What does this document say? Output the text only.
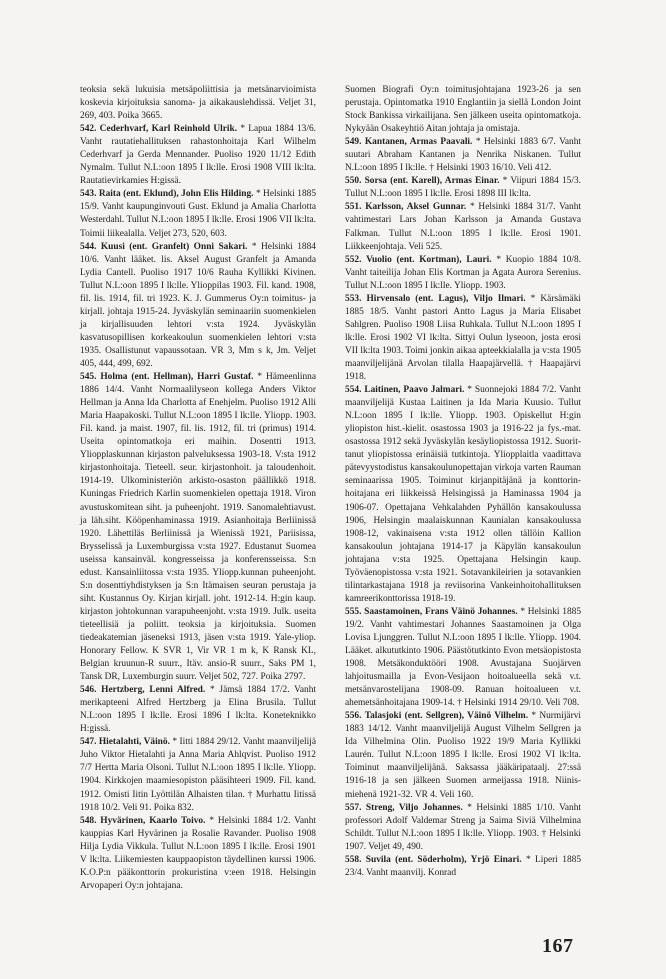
teoksia sekä lukuisia metsäpoliittisia ja metsänarvioimista koskevia kirjoituksia sanoma- ja aikakauslehdissä. Veljet 31, 269, 403. Poika 3665.

542. Cederhvarf, Karl Reinhold Ulrik. * Lapua 1884 13/6. Vanht rautatiehallituksen rahastonhoitaja Karl Wilhelm Cederhvarf ja Gerda Mennander. Puoliso 1920 11/12 Edith Nymalm. Tullut N.L:oon 1895 I lk:lle. Erosi 1908 VIII lk:lta. Rautatievirkamies H:gissä.

543. Raita (ent. Eklund), John Elis Hilding. * Helsinki 1885 15/9. Vanht kaupunginvouti Gust. Eklund ja Amalia Charlotta Westerdahl. Tullut N.L:oon 1895 I lk:lle. Erosi 1906 VII lk:lta. Toimii liikealalla. Veljet 273, 520, 603.

544. Kuusi (ent. Granfelt) Onni Sakari. * Helsinki 1884 10/6. Vanht lääket. lis. Aksel August Granfelt ja Amanda Lydia Cantell. Puoliso 1917 10/6 Rauha Kyllikki Kivinen. Tullut N.L:oon 1895 I lk:lle. Ylioppilas 1903. Fil. kand. 1908, fil. lis. 1914, fil. tri 1923. K. J. Gummerus Oy:n toimitus- ja kirjall. johtaja 1915-24. Jyväskylän seminaariin suomenkielen ja kirjallisuuden lehtori v:sta 1924. Jyväskylän kasvatusopillisen korkeakoulun suomenkielen lehtori v:sta 1935. Osallistunut vapaussotaan. VR 3, Mm s k, Jm. Veljet 405, 444, 499, 692.

545. Holma (ent. Hellman), Harri Gustaf. * Hämeenlinna 1886 14/4. Vanht Normaalilyseon kollega Anders Viktor Hellman ja Anna Ida Charlotta af Enehjelm. Puoliso 1912 Alli Maria Haapakoski. Tullut N.L:oon 1895 I lk:lle. Yliopp. 1903. Fil. kand. ja maist. 1907, fil. lis. 1912, fil. tri (primus) 1914. Useita opintomatkoja eri maihin. Dosentti 1913. Yliopplaskunnan kirjaston palveluksessa 1903-18. V:sta 1912 kirjastonhoitaja. Tieteell. seur. kirjastonhoit. ja taloudenhoit. 1914-19. Ulkoministeriön arkisto-osaston päällikkö 1918. Kuningas Friedrich Karlin suomenkielen opettaja 1918. Viron avustuskomitean siht. ja puheenjoht. 1919. Sanomalehtiavust. ja läh.siht. Kööpenhaminassa 1919. Asianhoitaja Berliinissä 1920. Lähettiläs Berliinissä ja Wienissä 1921, Pariisissa, Brysselissä ja Luxemburgissa v:sta 1927. Edustanut Suomea useissa kansainväl. kongresseissa ja konferensseissa. S:n edust. Kansainliitossa v:sta 1935. Yliopp.kunnan puheenjoht. S:n dosenttiyhdistyksen ja S:n Itämaisen seuran perustaja ja siht. Kustannus Oy. Kirjan kirjall. joht. 1912-14. H:gin kaup. kirjaston johtokunnan varapuheenjoht. v:sta 1919. Julk. useita tieteellisiä ja poliitt. teoksia ja kirjoituksia. Suomen tiedeakatemian jäseneksi 1913, jäsen v:sta 1919. Yale-yliop. Honorary Fellow. K SVR 1, Vir VR 1 m k, K Ransk KL, Belgian kruunun-R suurr., Itäv. ansio-R suurr., Saks PM 1, Tansk DR, Luxemburgin suurr. Veljet 502, 727. Poika 2797.

546. Hertzberg, Lenni Alfred. * Jämsä 1884 17/2. Vanht merikapteeni Alfred Hertzberg ja Elina Brusila. Tullut N.L:oon 1895 I lk:lle. Erosi 1896 I lk:lta. Koneteknikko H:gissä.

547. Hietalahti, Väinö. * Iitti 1884 29/12. Vanht maanviljelijä Juho Viktor Hietalahti ja Anna Maria Ahlqvist. Puoliso 1912 7/7 Hertta Maria Olsoni. Tullut N.L:oon 1895 I lk:lle. Yliopp. 1904. Kirkkojen maamiesopiston pääsihteeri 1909. Fil. kand. 1912. Omisti Iitin Lyöttilän Alhaisten tilan. † Murhattu Iitissä 1918 10/2. Veli 91. Poika 832.

548. Hyvärinen, Kaarlo Toivo. * Helsinki 1884 1/2. Vanht kauppias Karl Hyvärinen ja Rosalie Ravander. Puoliso 1908 Hilja Lydia Vikkula. Tullut N.L:oon 1895 I lk:lle. Erosi 1901 V lk:lta. Liikemiesten kauppaopiston täydellinen kurssi 1906. K.O.P:n pääkonttorin prokuristina v:een 1918. Helsingin Arvopaperi Oy:n johtajana.

Suomen Biografi Oy:n toimitusjohtajana 1923-26 ja sen perustaja. Opintomatka 1910 Englantiin ja siellä London Joint Stock Bankissa virkailijana. Sen jälkeen useita opintomatkoja. Nykyään Osakeyhtiö Aitan johtaja ja omistaja.

549. Kantanen, Armas Paavali. * Helsinki 1883 6/7. Vanht suutari Abraham Kantanen ja Nenrika Niskanen. Tullut N.L:oon 1895 I lk:lle. † Helsinki 1903 16/10. Veli 412.

550. Sorsa (ent. Karell), Armas Einar. * Viipuri 1884 15/3. Tullut N.L:oon 1895 I lk:lle. Erosi 1898 III lk:lta.

551. Karlsson, Aksel Gunnar. * Helsinki 1884 31/7. Vanht vahtimestari Lars Johan Karlsson ja Amanda Gustava Falkman. Tullut N.L:oon 1895 I lk:lle. Erosi 1901. Liikkeenjohtaja. Veli 525.

552. Vuolio (ent. Kortman), Lauri. * Kuopio 1884 10/8. Vanht taiteilija Johan Elis Kortman ja Agata Aurora Serenius. Tullut N.L:oon 1895 I lk:lle. Yliopp. 1903.

553. Hirvensalo (ent. Lagus), Viljo Ilmari. * Kärsämäki 1885 18/5. Vanht pastori Antto Lagus ja Maria Elisabet Sahlgren. Puoliso 1908 Liisa Ruhkala. Tullut N.L:oon 1895 I lk:lle. Erosi 1902 VI lk:lta. Sittyi Oulun lyseoon, josta erosi VII lk:lta 1903. Toimi jonkin aikaa apteekkialalla ja v:sta 1905 maanviljelijänä Arvolan tilalla Haapajärvellä. † Haapajärvi 1918.

554. Laitinen, Paavo Jalmari. * Suonnejoki 1884 7/2. Vanht maanviljelijä Kustaa Laitinen ja Ida Maria Kuusio. Tullut N.L:oon 1895 I lk:lle. Yliopp. 1903. Opiskellut H:gin yliopiston hist.-kielit. osastossa 1903 ja 1916-22 ja fys.-mat. osastossa 1912 sekä Jyväskylän kesäyliopistossa 1912. Suorittanut yliopistossa erinäisiä tutkintoja. Yliopplaitla vaadittava pätevyystodistus kansakoulunopettajan virkoja varten Rauman seminaarissa 1905. Toiminut kirjanpitäjänä ja konttorinhoitajana eri liikkeissä Helsingissä ja Haminassa 1904 ja 1906-07. Opettajana Vehkalahden Pyhällön kansakoulussa 1906, Helsingin maalaiskunnan Kaunialan kansakoulussa 1908-12, vakinaisena v:sta 1912 ollen tällöin Kallion kansakoulun johtajana 1914-17 ja Käpylän kansakoulun johtajana v:sta 1925. Opettajana Helsingin kaup. Työväenopistossa v:sta 1921. Sotavankileirien ja sotavankien tilintarkastajana 1918 ja reviisorina Vankeinhoitohallituksen kamreerikonttorissa 1918-19.

555. Saastamoinen, Frans Väinö Johannes. * Helsinki 1885 19/2. Vanht vahtimestari Johannes Saastamoinen ja Olga Lovisa Ljunggren. Tullut N.L:oon 1895 I lk:lle. Yliopp. 1904. Lääket. alkututkinto 1906. Päästötutkinto Evon metsäopistosta 1908. Metsäkonduktööri 1908. Avustajana Suojärven lahjoitusmailla ja Evon-Vesijaon hoitoalueella sekä v.t. metsänvarostelijana 1908-09. Ranuan hoitoalueen v.t. ahemetsänhoitajana 1909-14. † Helsinki 1914 29/10. Veli 708.

556. Talasjoki (ent. Sellgren), Väinö Vilhelm. * Nurmijärvi 1883 14/12. Vanht maanviljelijä August Vilhelm Sellgren ja Ida Vilhelmina Olin. Puoliso 1922 19/9 Maria Kyllikki Laurén. Tullut N.L:oon 1895 I lk:lle. Erosi 1902 VI lk:lta. Toiminut maanviljelijänä. Saksassa jääkäripataalj. 27:ssä 1916-18 ja sen jälkeen Suomen armeijassa 1918. Niinismiehenä 1921-32. VR 4. Veli 160.

557. Streng, Viljo Johannes. * Helsinki 1885 1/10. Vanht professori Adolf Valdemar Streng ja Saima Siviä Vilhelmina Schildt. Tullut N.L:oon 1895 I lk:lle. Yliopp. 1903. † Helsinki 1907. Veljet 49, 490.

558. Suvila (ent. Söderholm), Yrjö Einari. * Liperi 1885 23/4. Vanht maanvilj. Konrad

167
